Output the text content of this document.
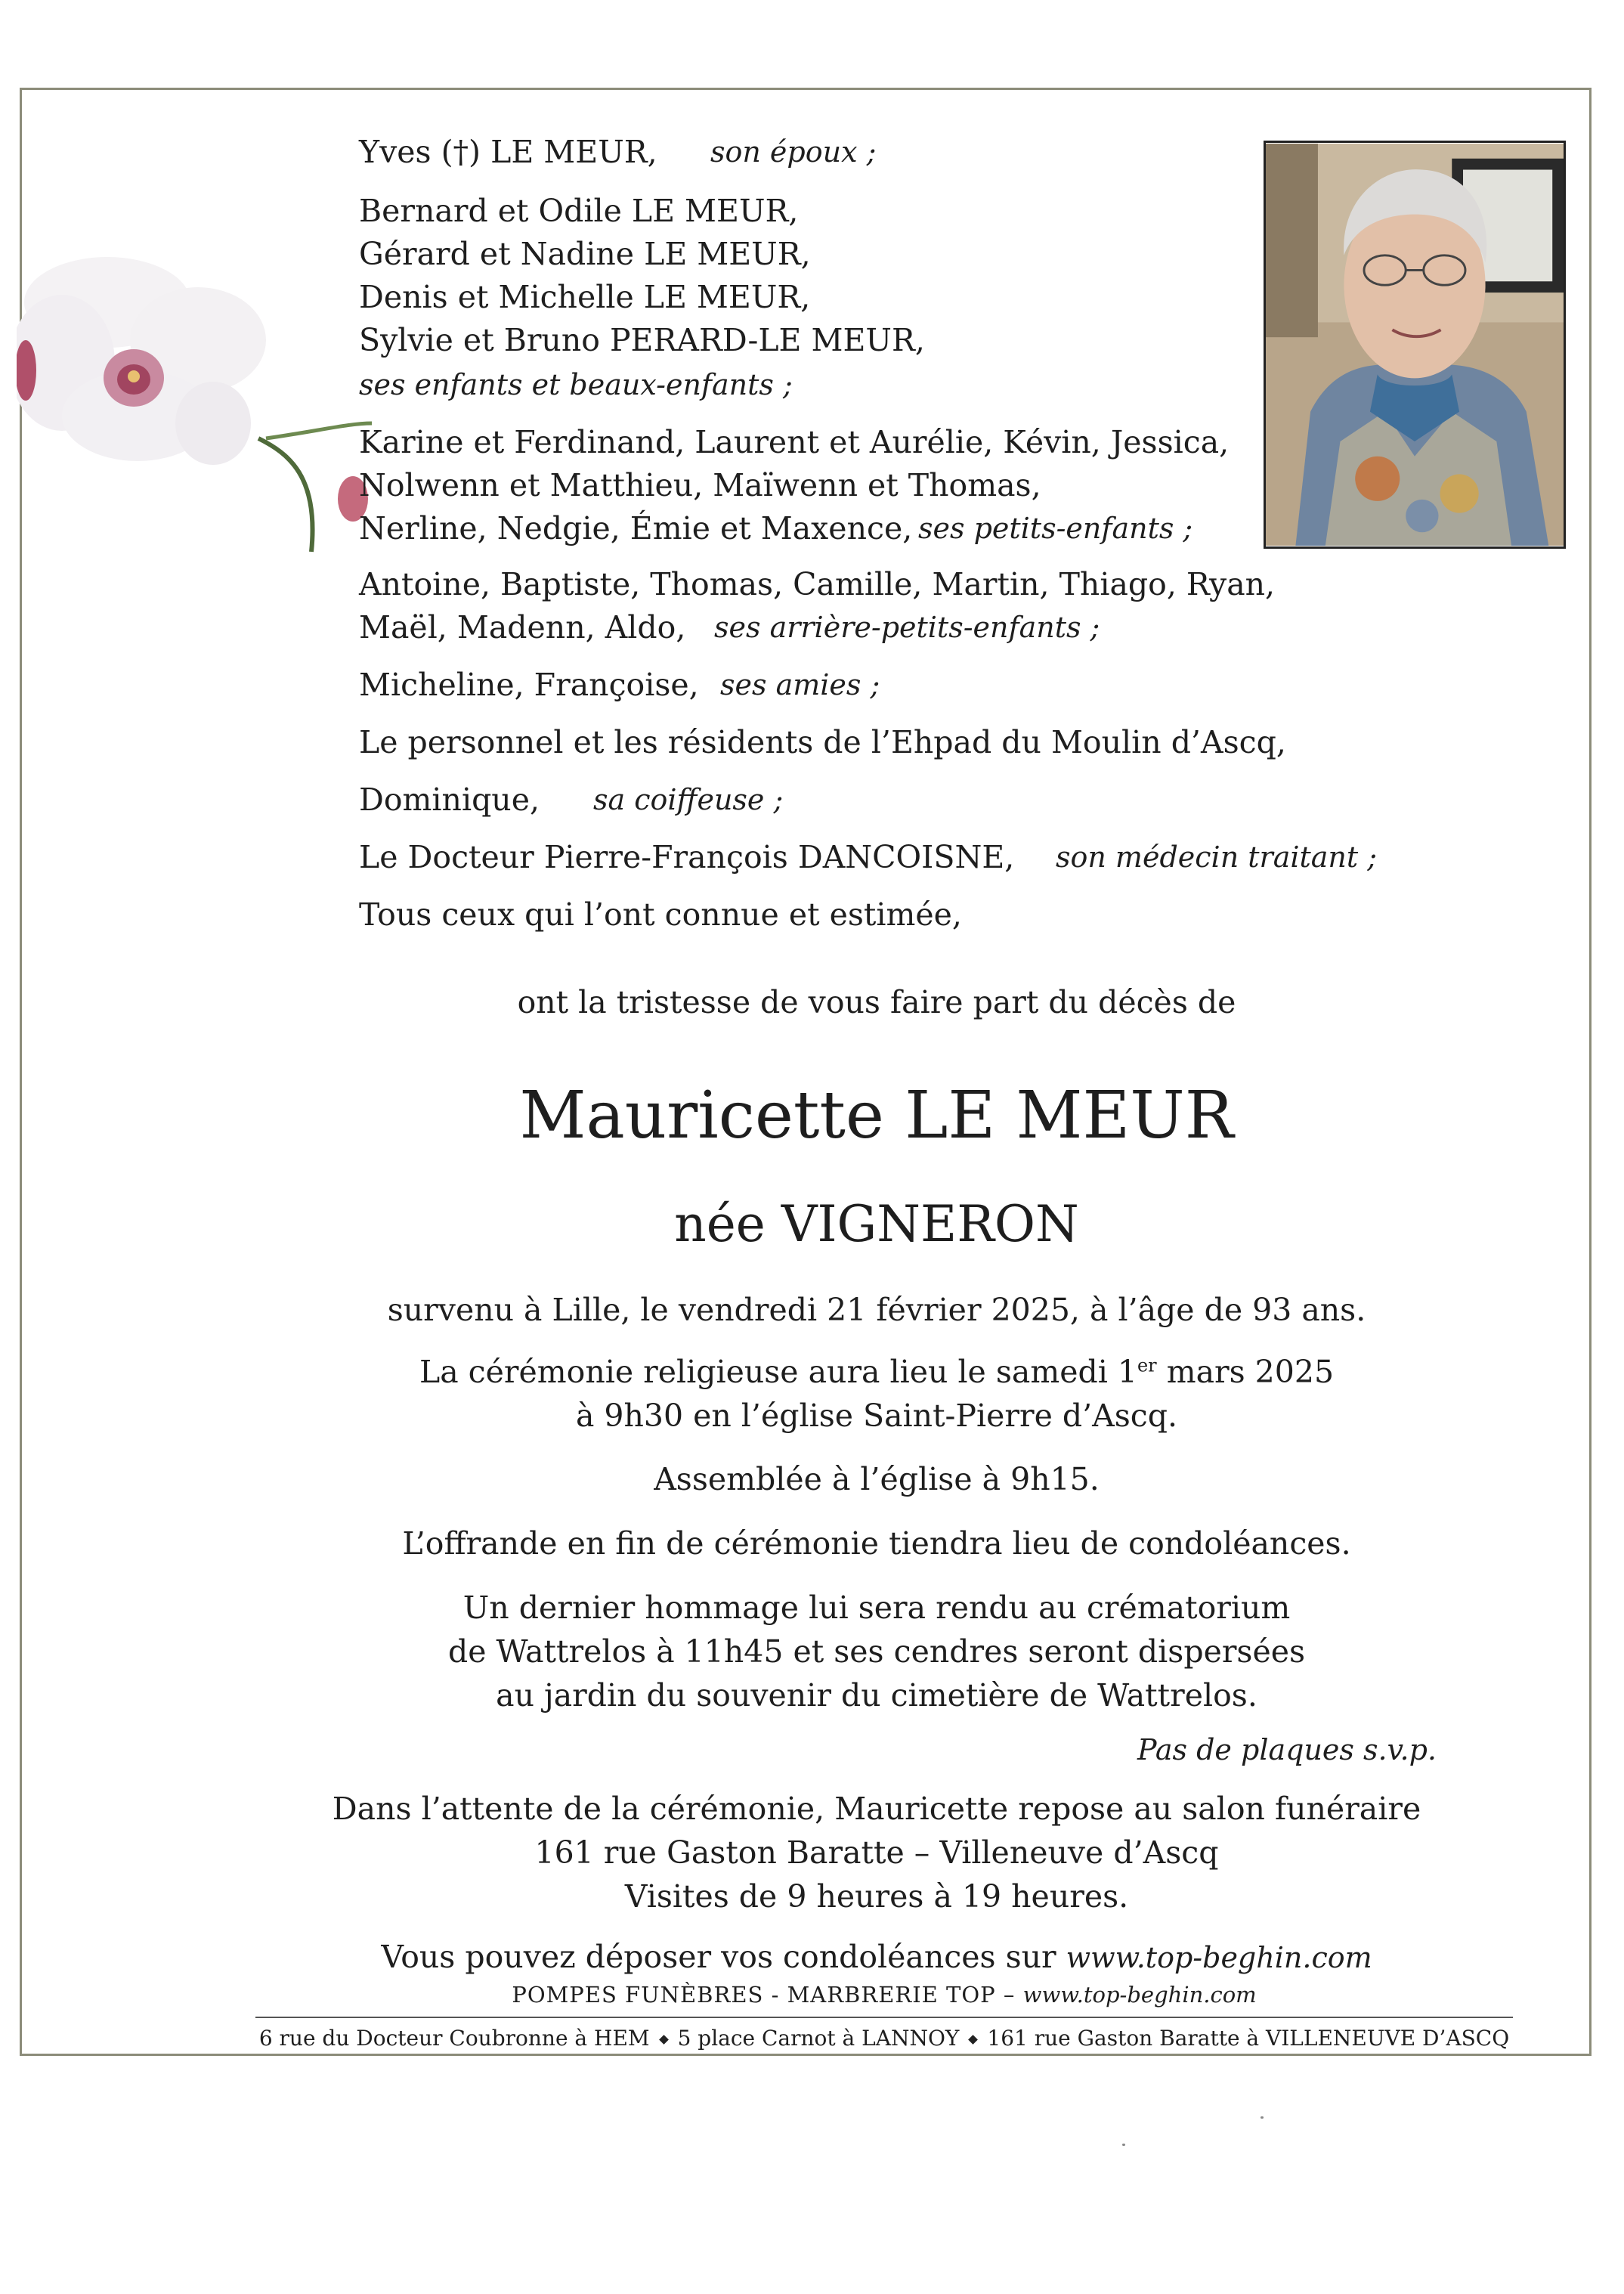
Yves (†) LE MEUR, son époux ;
Bernard et Odile LE MEUR,
Gérard et Nadine LE MEUR,
Denis et Michelle LE MEUR,
Sylvie et Bruno PERARD-LE MEUR,
ses enfants et beaux-enfants ;
Karine et Ferdinand, Laurent et Aurélie, Kévin, Jessica,
Nolwenn et Matthieu, Maïwenn et Thomas,
Nerline, Nedgie, Émie et Maxence, ses petits-enfants ;
Antoine, Baptiste, Thomas, Camille, Martin, Thiago, Ryan,
Maël, Madenn, Aldo, ses arrière-petits-enfants ;
Micheline, Françoise, ses amies ;
Le personnel et les résidents de l’Ehpad du Moulin d’Ascq,
Dominique, sa coiffeuse ;
Le Docteur Pierre-François DANCOISNE, son médecin traitant ;
Tous ceux qui l’ont connue et estimée,
ont la tristesse de vous faire part du décès de
Mauricette LE MEUR
née VIGNERON
survenu à Lille, le vendredi 21 février 2025, à l’âge de 93 ans.
La cérémonie religieuse aura lieu le samedi 1er mars 2025
à 9h30 en l’église Saint-Pierre d’Ascq.
Assemblée à l’église à 9h15.
L’offrande en fin de cérémonie tiendra lieu de condoléances.
Un dernier hommage lui sera rendu au crématorium
de Wattrelos à 11h45 et ses cendres seront dispersées
au jardin du souvenir du cimetière de Wattrelos.
Pas de plaques s.v.p.
Dans l’attente de la cérémonie, Mauricette repose au salon funéraire
161 rue Gaston Baratte – Villeneuve d’Ascq
Visites de 9 heures à 19 heures.
Vous pouvez déposer vos condoléances sur www.top-beghin.com
POMPES FUNÈBRES - MARBRERIE TOP – www.top-beghin.com
6 rue du Docteur Coubronne à HEM 5 place Carnot à LANNOY 161 rue Gaston Baratte à VILLENEUVE D’ASCQ
